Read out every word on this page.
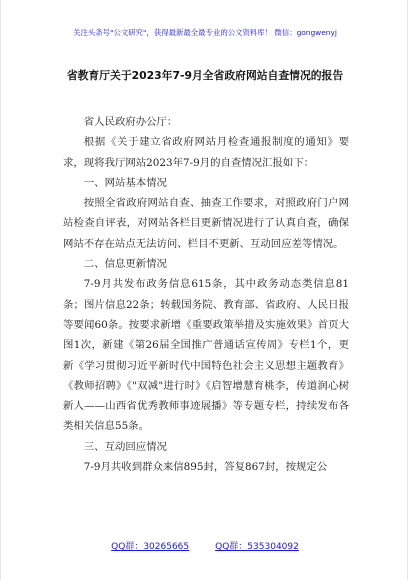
关注头条号"公文研究"，获得最新最全最专业的公文资料库！ 微信：gongwenyj
省教育厅关于2023年7-9月全省政府网站自查情况的报告

省人民政府办公厅：

根据《关于建立省政府网站月检查通报制度的通知》要求，现将我厅网站2023年7-9月的自查情况汇报如下：

一、网站基本情况

按照全省政府网站自查、抽查工作要求，对照政府门户网站检查自评表，对网站各栏目更新情况进行了认真自查，确保网站不存在站点无法访问、栏目不更新、互动回应差等情况。

二、信息更新情况

7-9月共发布政务信息615条，其中政务动态类信息81条；图片信息22条；转载国务院、教育部、省政府、人民日报等要闻60条。按要求新增《重要政策举措及实施效果》首页大图1次，新建《第26届全国推广普通话宣传周》专栏1个，更新《学习贯彻习近平新时代中国特色社会主义思想主题教育》《教师招聘》《"双减"进行时》《启智增慧育桃李，传道润心树新人——山西省优秀教师事迹展播》等专题专栏，持续发布各类相关信息55条。

三、互动回应情况

7-9月共收到群众来信895封，答复867封，按规定公

QQ群：30265665	QQ群：535304092
